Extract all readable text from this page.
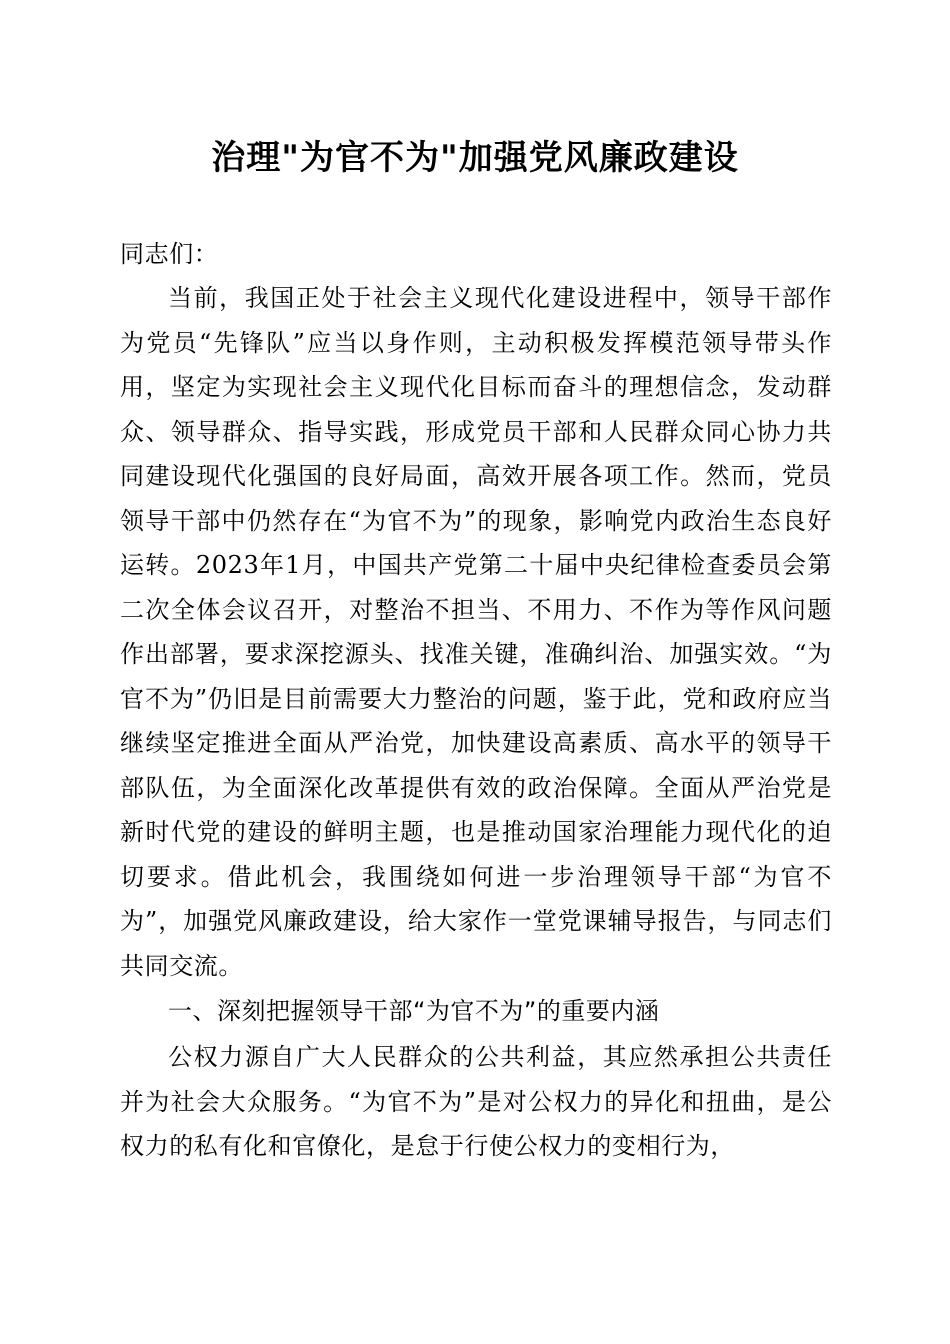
治理"为官不为"加强党风廉政建设
同志们：
当前，我国正处于社会主义现代化建设进程中，领导干部作为党员“先锋队”应当以身作则，主动积极发挥模范领导带头作用，坚定为实现社会主义现代化目标而奋斗的理想信念，发动群众、领导群众、指导实践，形成党员干部和人民群众同心协力共同建设现代化强国的良好局面，高效开展各项工作。然而，党员领导干部中仍然存在“为官不为”的现象，影响党内政治生态良好运转。2023年1月，中国共产党第二十届中央纪律检查委员会第二次全体会议召开，对整治不担当、不用力、不作为等作风问题作出部署，要求深挖源头、找准关键，准确纠治、加强实效。“为官不为”仍旧是目前需要大力整治的问题，鉴于此，党和政府应当继续坚定推进全面从严治党，加快建设高素质、高水平的领导干部队伍，为全面深化改革提供有效的政治保障。全面从严治党是新时代党的建设的鲜明主题，也是推动国家治理能力现代化的迫切要求。借此机会，我围绕如何进一步治理领导干部“为官不为”，加强党风廉政建设，给大家作一堂党课辅导报告，与同志们共同交流。
一、深刻把握领导干部“为官不为”的重要内涵
公权力源自广大人民群众的公共利益，其应然承担公共责任并为社会大众服务。“为官不为”是对公权力的异化和扭曲，是公权力的私有化和官僚化，是怠于行使公权力的变相行为，
